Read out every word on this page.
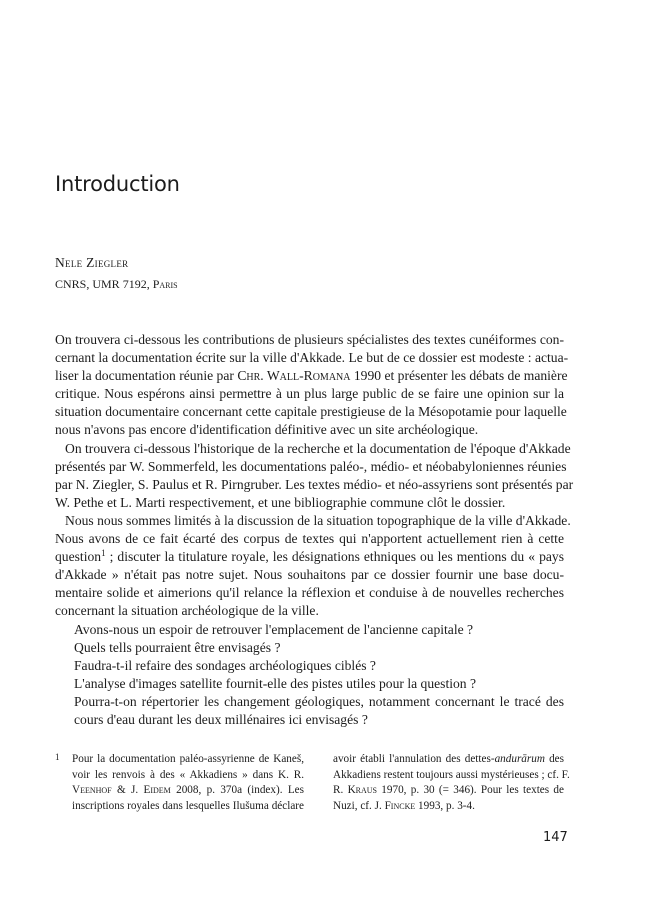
Introduction
Nele Ziegler
CNRS, UMR 7192, Paris
On trouvera ci-dessous les contributions de plusieurs spécialistes des textes cunéiformes con-
cernant la documentation écrite sur la ville d'Akkade. Le but de ce dossier est modeste : actua-
liser la documentation réunie par Chr. Wall-Romana 1990 et présenter les débats de manière
critique. Nous espérons ainsi permettre à un plus large public de se faire une opinion sur la
situation documentaire concernant cette capitale prestigieuse de la Mésopotamie pour laquelle
nous n'avons pas encore d'identification définitive avec un site archéologique.
On trouvera ci-dessous l'historique de la recherche et la documentation de l'époque d'Akkade
présentés par W. Sommerfeld, les documentations paléo-, médio- et néobabyloniennes réunies
par N. Ziegler, S. Paulus et R. Pirngruber. Les textes médio- et néo-assyriens sont présentés par
W. Pethe et L. Marti respectivement, et une bibliographie commune clôt le dossier.
Nous nous sommes limités à la discussion de la situation topographique de la ville d'Akkade.
Nous avons de ce fait écarté des corpus de textes qui n'apportent actuellement rien à cette
question$^1$ ; discuter la titulature royale, les désignations ethniques ou les mentions du « pays
d'Akkade » n'était pas notre sujet. Nous souhaitons par ce dossier fournir une base docu-
mentaire solide et aimerions qu'il relance la réflexion et conduise à de nouvelles recherches
concernant la situation archéologique de la ville.
Avons-nous un espoir de retrouver l'emplacement de l'ancienne capitale ?
Quels tells pourraient être envisagés ?
Faudra-t-il refaire des sondages archéologiques ciblés ?
L'analyse d'images satellite fournit-elle des pistes utiles pour la question ?
Pourra-t-on répertorier les changement géologiques, notamment concernant le tracé des
cours d'eau durant les deux millénaires ici envisagés ?
1 Pour la documentation paléo-assyrienne de Kaneš,
voir les renvois à des « Akkadiens » dans K. R.
Veenhof & J. Eidem 2008, p. 370a (index). Les
inscriptions royales dans lesquelles Ilušuma déclare
avoir établi l'annulation des dettes-andurārum des
Akkadiens restent toujours aussi mystérieuses ; cf. F.
R. Kraus 1970, p. 30 (= 346). Pour les textes de
Nuzi, cf. J. Fincke 1993, p. 3-4.
147
